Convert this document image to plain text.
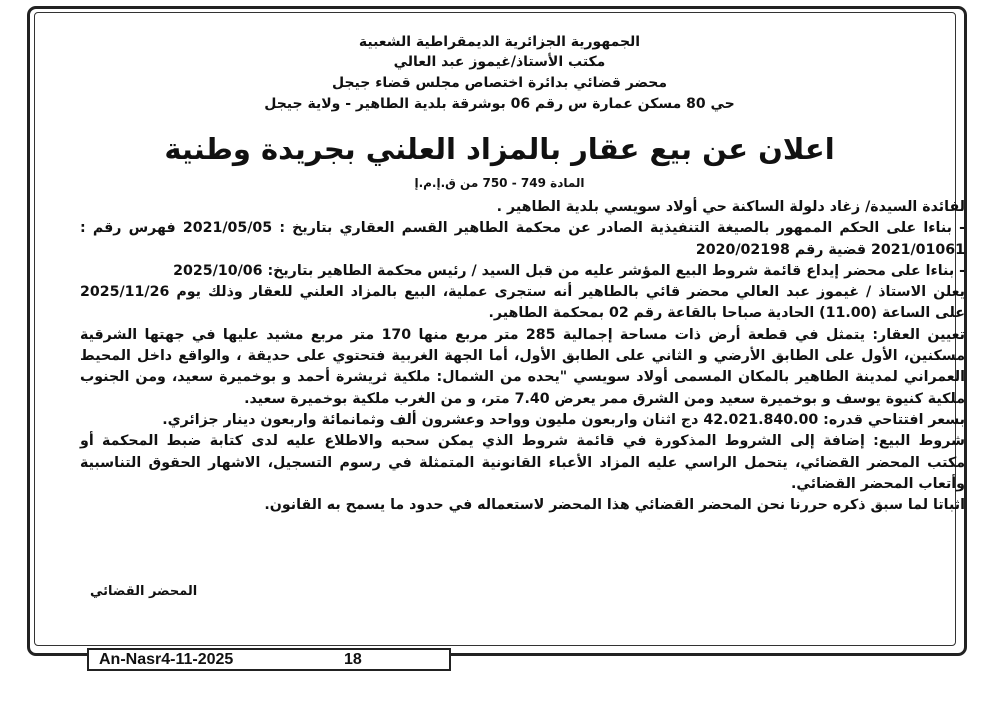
الجمهورية الجزائرية الديمقراطية الشعبية
مكتب الأستاذ/غيموز عبد العالي
محضر قضائي بدائرة اختصاص مجلس قضاء جيجل
حي 80 مسكن عمارة س رقم 06 بوشرقة بلدية الطاهير - ولاية جيجل
اعلان عن بيع عقار بالمزاد العلني بجريدة وطنية
المادة 749 - 750 من ق.إ.م.إ
لفائدة السيدة/ زغاد دلولة الساكنة حي أولاد سويسي بلدية الطاهير .
- بناءا على الحكم الممهور بالصيغة التنفيذية الصادر عن محكمة الطاهير القسم العقاري بتاريخ : 2021/05/05 فهرس رقم :
2021/01061 قضية رقم 2020/02198
- بناءا على محضر إيداع قائمة شروط البيع المؤشر عليه من قبل السيد / رئيس محكمة الطاهير بتاريخ: 2025/10/06
يعلن الاستاذ / غيموز عبد العالي محضر قائي بالطاهير أنه ستجرى عملية، البيع بالمزاد العلني للعقار وذلك يوم 2025/11/26
على الساعة (11.00) الحادية صباحا بالقاعة رقم 02 بمحكمة الطاهير.
تعيين العقار: يتمثل في قطعة أرض ذات مساحة إجمالية 285 متر مربع منها 170 متر مربع مشيد عليها في جهتها الشرقية
مسكنين، الأول على الطابق الأرضي و الثاني على الطابق الأول، أما الجهة الغربية فتحتوي على حديقة ، والواقع داخل المحيط
العمراني لمدينة الطاهير بالمكان المسمى أولاد سويسي "يحده من الشمال: ملكية ثريشرة أحمد و بوخميرة سعيد، ومن الجنوب
ملكية كنيوة يوسف و بوخميرة سعيد ومن الشرق ممر يعرض 7.40 متر، و من الغرب ملكية بوخميرة سعيد.
بسعر افتتاحي قدره: 42.021.840.00 دج اثنان واربعون مليون وواحد وعشرون ألف وثمانمائة واربعون دينار جزائري.
شروط البيع: إضافة إلى الشروط المذكورة في قائمة شروط الذي يمكن سحبه والاطلاع عليه لدى كتابة ضبط المحكمة أو
مكتب المحضر القضائي، يتحمل الراسي عليه المزاد الأعباء القانونية المتمثلة في رسوم التسجيل، الاشهار الحقوق التناسبية
وأتعاب المحضر القضائي.
اثباتا لما سبق ذكره حررنا نحن المحضر القضائي هذا المحضر لاستعماله في حدود ما يسمح به القانون.
المحضر القضائي
An-Nasr4-11-2025	18
